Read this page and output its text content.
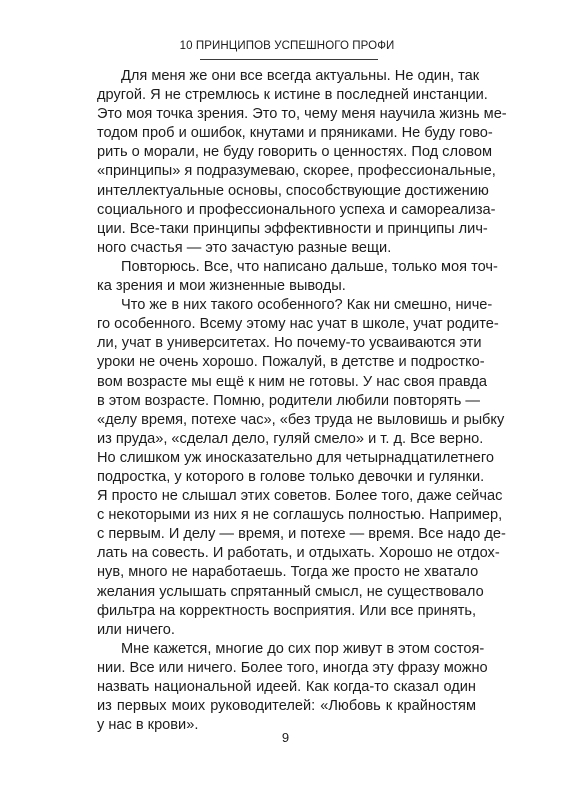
10 ПРИНЦИПОВ УСПЕШНОГО ПРОФИ
Для меня же они все всегда актуальны. Не один, так
другой. Я не стремлюсь к истине в последней инстанции.
Это моя точка зрения. Это то, чему меня научила жизнь ме-
тодом проб и ошибок, кнутами и пряниками. Не буду гово-
рить о морали, не буду говорить о ценностях. Под словом
«принципы» я подразумеваю, скорее, профессиональные,
интеллектуальные основы, способствующие достижению
социального и профессионального успеха и самореализа-
ции. Все-таки принципы эффективности и принципы лич-
ного счастья — это зачастую разные вещи.
Повторюсь. Все, что написано дальше, только моя точ-
ка зрения и мои жизненные выводы.
Что же в них такого особенного? Как ни смешно, ниче-
го особенного. Всему этому нас учат в школе, учат родите-
ли, учат в университетах. Но почему-то усваиваются эти
уроки не очень хорошо. Пожалуй, в детстве и подростко-
вом возрасте мы ещё к ним не готовы. У нас своя правда
в этом возрасте. Помню, родители любили повторять —
«делу время, потехе час», «без труда не выловишь и рыбку
из пруда», «сделал дело, гуляй смело» и т. д. Все верно.
Но слишком уж иносказательно для четырнадцатилетнего
подростка, у которого в голове только девочки и гулянки.
Я просто не слышал этих советов. Более того, даже сейчас
с некоторыми из них я не соглашусь полностью. Например,
с первым. И делу — время, и потехе — время. Все надо де-
лать на совесть. И работать, и отдыхать. Хорошо не отдох-
нув, много не наработаешь. Тогда же просто не хватало
желания услышать спрятанный смысл, не существовало
фильтра на корректность восприятия. Или все принять,
или ничего.
Мне кажется, многие до сих пор живут в этом состоя-
нии. Все или ничего. Более того, иногда эту фразу можно
назвать национальной идеей. Как когда-то сказал один
из первых моих руководителей: «Любовь к крайностям
у нас в крови».
9
